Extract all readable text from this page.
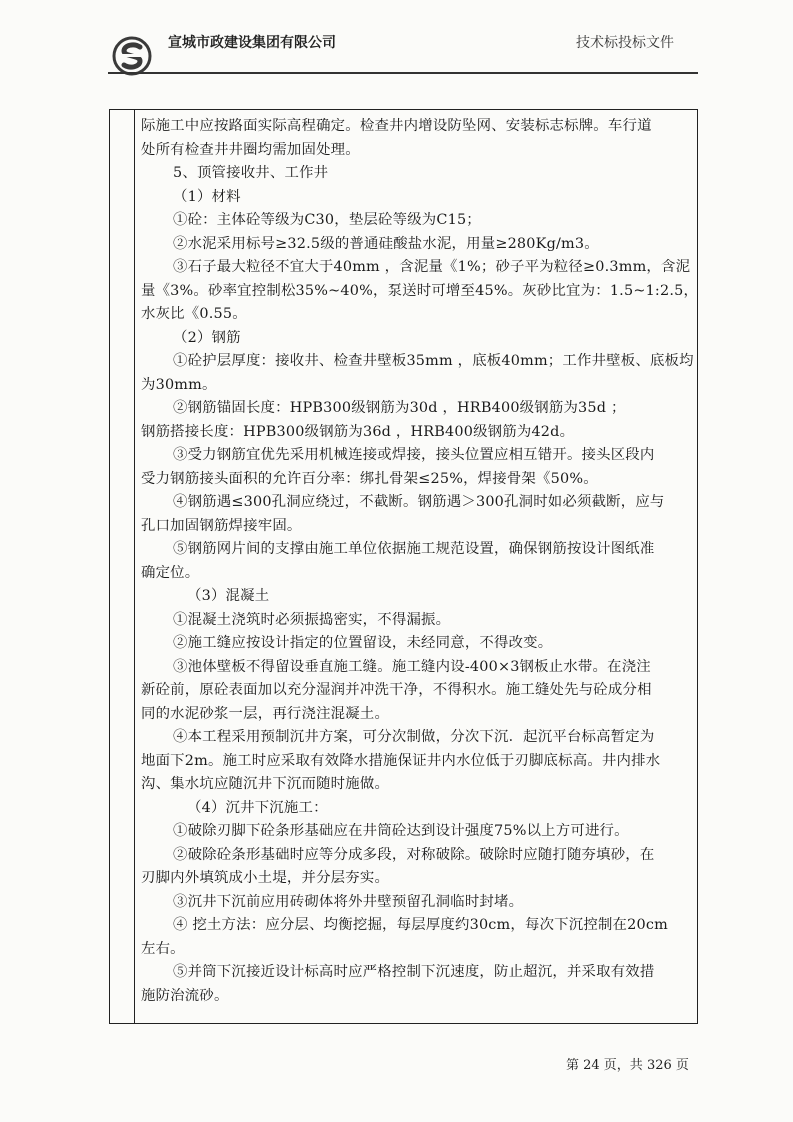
宣城市政建设集团有限公司	技术标投标文件
际施工中应按路面实际高程确定。检查井内增设防坠网、安装标志标牌。车行道
处所有检查井井圈均需加固处理。
5、顶管接收井、工作井
（1）材料
①砼：主体砼等级为C30，垫层砼等级为C15；
②水泥采用标号≥32.5级的普通硅酸盐水泥，用量≥280Kg/m3。
③石子最大粒径不宜大于40mm ，含泥量《1%；砂子平为粒径≥0.3mm，含泥
量《3%。砂率宜控制松35%~40%，泵送时可增至45%。灰砂比宜为：1.5~1:2.5，
水灰比《0.55。
（2）钢筋
①砼护层厚度：接收井、检查井壁板35mm ，底板40mm；工作井壁板、底板均
为30mm。
②钢筋锚固长度：HPB300级钢筋为30d ，HRB400级钢筋为35d ；
钢筋搭接长度：HPB300级钢筋为36d ，HRB400级钢筋为42d。
③受力钢筋宜优先采用机械连接或焊接，接头位置应相互错开。接头区段内
受力钢筋接头面积的允许百分率：绑扎骨架≤25%，焊接骨架《50%。
④钢筋遇≤300孔洞应绕过，不截断。钢筋遇＞300孔洞时如必须截断，应与
孔口加固钢筋焊接牢固。
⑤钢筋网片间的支撑由施工单位依据施工规范设置，确保钢筋按设计图纸准
确定位。
（3）混凝土
①混凝土浇筑时必须振捣密实，不得漏振。
②施工缝应按设计指定的位置留设，未经同意，不得改变。
③池体壁板不得留设垂直施工缝。施工缝内设-400×3钢板止水带。在浇注
新砼前，原砼表面加以充分湿润并冲洗干净，不得积水。施工缝处先与砼成分相
同的水泥砂浆一层，再行浇注混凝土。
④本工程采用预制沉井方案，可分次制做，分次下沉．起沉平台标高暂定为
地面下2m。施工时应采取有效降水措施保证井内水位低于刃脚底标高。井内排水
沟、集水坑应随沉井下沉而随时施做。
（4）沉井下沉施工：
①破除刃脚下砼条形基础应在井筒砼达到设计强度75%以上方可进行。
②破除砼条形基础时应等分成多段，对称破除。破除时应随打随夯填砂，在
刃脚内外填筑成小土堤，并分层夯实。
③沉井下沉前应用砖砌体将外井壁预留孔洞临时封堵。
④ 挖土方法：应分层、均衡挖掘，每层厚度约30cm，每次下沉控制在20cm
左右。
⑤并筒下沉接近设计标高时应严格控制下沉速度，防止超沉，并采取有效措
施防治流砂。
第 24 页，共 326 页
